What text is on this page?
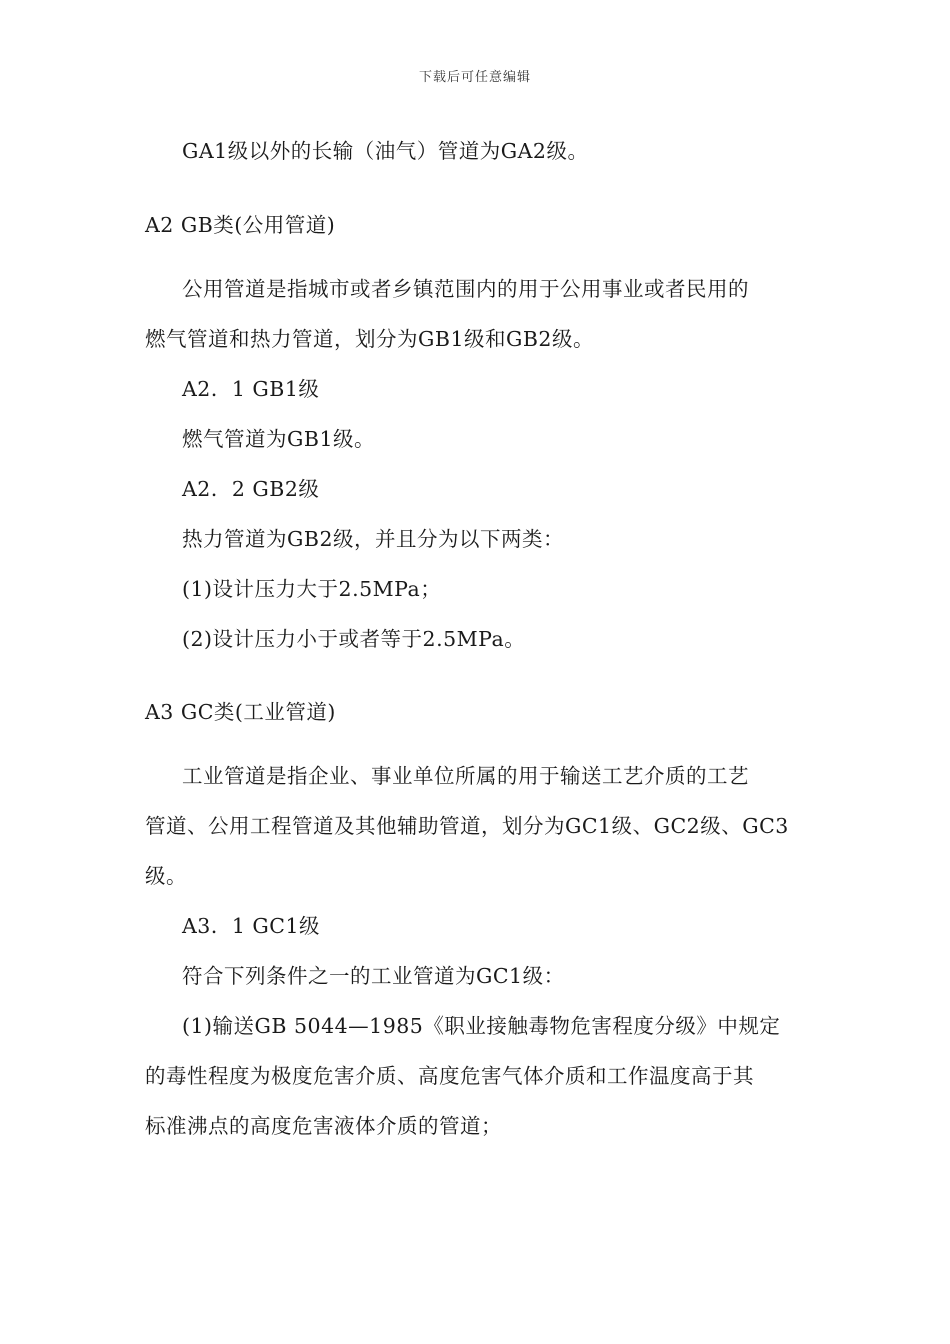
下载后可任意编辑
GA1级以外的长输（油气）管道为GA2级。
A2 GB类(公用管道)
公用管道是指城市或者乡镇范围内的用于公用事业或者民用的
燃气管道和热力管道，划分为GB1级和GB2级。
A2．1 GB1级
燃气管道为GB1级。
A2．2 GB2级
热力管道为GB2级，并且分为以下两类：
(1)设计压力大于2.5MPa；
(2)设计压力小于或者等于2.5MPa。
A3 GC类(工业管道)
工业管道是指企业、事业单位所属的用于输送工艺介质的工艺
管道、公用工程管道及其他辅助管道，划分为GC1级、GC2级、GC3
级。
A3．1 GC1级
符合下列条件之一的工业管道为GC1级：
(1)输送GB 5044—1985《职业接触毒物危害程度分级》中规定
的毒性程度为极度危害介质、高度危害气体介质和工作温度高于其
标准沸点的高度危害液体介质的管道；
